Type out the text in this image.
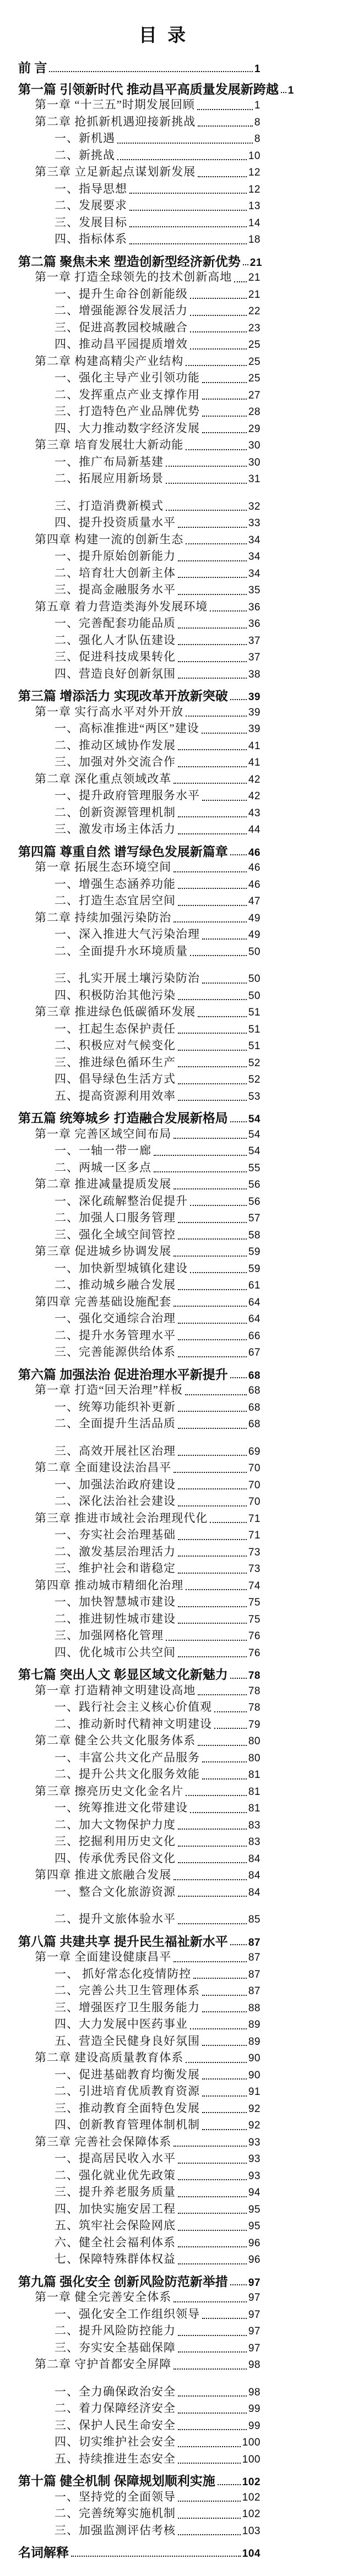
目 录
前 言	1
第一篇 引领新时代 推动昌平高质量发展新跨越 1
第一章 “十三五”时期发展回顾	1
第二章 抢抓新机遇迎接新挑战	8
一、新机遇	8
二、新挑战	10
第三章 立足新起点谋划新发展	12
一、指导思想	12
二、发展要求	13
三、发展目标	14
四、指标体系	18
第二篇 聚焦未来 塑造创新型经济新优势 21
第一章 打造全球领先的技术创新高地 21
一、提升生命谷创新能级	21
二、增强能源谷发展活力	22
三、促进高教园校城融合	23
四、推动昌平园提质增效	25
第二章 构建高精尖产业结构	25
一、强化主导产业引领功能	25
二、发挥重点产业支撑作用	27
三、打造特色产业品牌优势	28
四、大力推动数字经济发展	29
第三章 培育发展壮大新动能	30
一、推广布局新基建	30
二、拓展应用新场景	31
三、打造消费新模式	32
四、提升投资质量水平	33
第四章 构建一流的创新生态	34
一、提升原始创新能力	34
二、培育壮大创新主体	34
三、提高金融服务水平	35
第五章 着力营造类海外发展环境	36
一、完善配套功能品质	36
二、强化人才队伍建设	37
三、促进科技成果转化	37
四、营造良好创新氛围	38
第三篇 增添活力 实现改革开放新突破 39
第一章 实行高水平对外开放	39
一、高标准推进“两区”建设	39
二、推动区域协作发展	41
三、加强对外交流合作	41
第二章 深化重点领域改革	42
一、提升政府管理服务水平	42
二、创新资源管理机制	43
三、激发市场主体活力	44
第四篇 尊重自然 谱写绿色发展新篇章 46
第一章 拓展生态环境空间	46
一、增强生态涵养功能	46
二、打造生态宜居空间	47
第二章 持续加强污染防治	49
一、深入推进大气污染治理	49
二、全面提升水环境质量	50
三、扎实开展土壤污染防治	50
四、积极防治其他污染	50
第三章 推进绿色低碳循环发展	51
一、扛起生态保护责任	51
二、积极应对气候变化	51
三、推进绿色循环生产	52
四、倡导绿色生活方式	52
五、提高资源利用效率	53
第五篇 统筹城乡 打造融合发展新格局 54
第一章 完善区域空间布局	54
一、一轴一带一廊	54
二、两城一区多点	55
第二章 推进减量提质发展	56
一、深化疏解整治促提升	56
二、加强人口服务管理	57
三、强化全域空间管控	58
第三章 促进城乡协调发展	59
一、加快新型城镇化建设	59
二、推动城乡融合发展	61
第四章 完善基础设施配套	64
一、强化交通综合治理	64
二、提升水务管理水平	66
三、完善能源供给体系	67
第六篇 加强法治 促进治理水平新提升 68
第一章 打造“回天治理”样板	68
一、统筹功能织补更新	68
二、全面提升生活品质	68
三、高效开展社区治理	69
第二章 全面建设法治昌平	70
一、加强法治政府建设	70
二、深化法治社会建设	70
第三章 推进市域社会治理现代化	71
一、夯实社会治理基础	71
二、激发基层治理活力	73
三、维护社会和谐稳定	73
第四章 推动城市精细化治理	74
一、加快智慧城市建设	75
二、推进韧性城市建设	75
三、加强网格化管理	76
四、优化城市公共空间	76
第七篇 突出人文 彰显区域文化新魅力 78
第一章 打造精神文明建设高地	78
一、践行社会主义核心价值观	78
二、推动新时代精神文明建设	79
第二章 健全公共文化服务体系	80
一、丰富公共文化产品服务	80
二、提升公共文化服务效能	81
第三章 擦亮历史文化金名片	81
一、统筹推进文化带建设	81
二、加大文物保护力度	83
三、挖掘利用历史文化	83
四、传承优秀民俗文化	84
第四章 推进文旅融合发展	84
一、整合文化旅游资源	84
二、提升文旅体验水平	85
第八篇 共建共享 提升民生福祉新水平 87
第一章 全面建设健康昌平	87
一、 抓好常态化疫情防控	87
二、完善公共卫生管理体系	87
三、增强医疗卫生服务能力	88
四、大力发展中医药事业	89
五、营造全民健身良好氛围	89
第二章 建设高质量教育体系	90
一、促进基础教育均衡发展	90
二、引进培育优质教育资源	91
三、推动教育全面特色发展	92
四、创新教育管理体制机制	92
第三章 完善社会保障体系	93
一、提高居民收入水平	93
二、强化就业优先政策	93
三、提升养老服务质量	94
四、加快实施安居工程	95
五、筑牢社会保险网底	95
六、健全社会福利体系	96
七、保障特殊群体权益	96
第九篇 强化安全 创新风险防范新举措 97
第一章 健全完善安全体系	97
一、强化安全工作组织领导	97
二、提升风险防控能力	97
三、夯实安全基础保障	97
第二章 守护首都安全屏障	98
一、全力确保政治安全	98
二、着力保障经济安全	99
三、保护人民生命安全	99
四、切实维护社会安全	100
五、持续推进生态安全	100
第十篇 健全机制 保障规划顺利实施	102
一、坚持党的全面领导	102
二、完善统筹实施机制	102
三、加强监测评估考核	103
名词解释	104
